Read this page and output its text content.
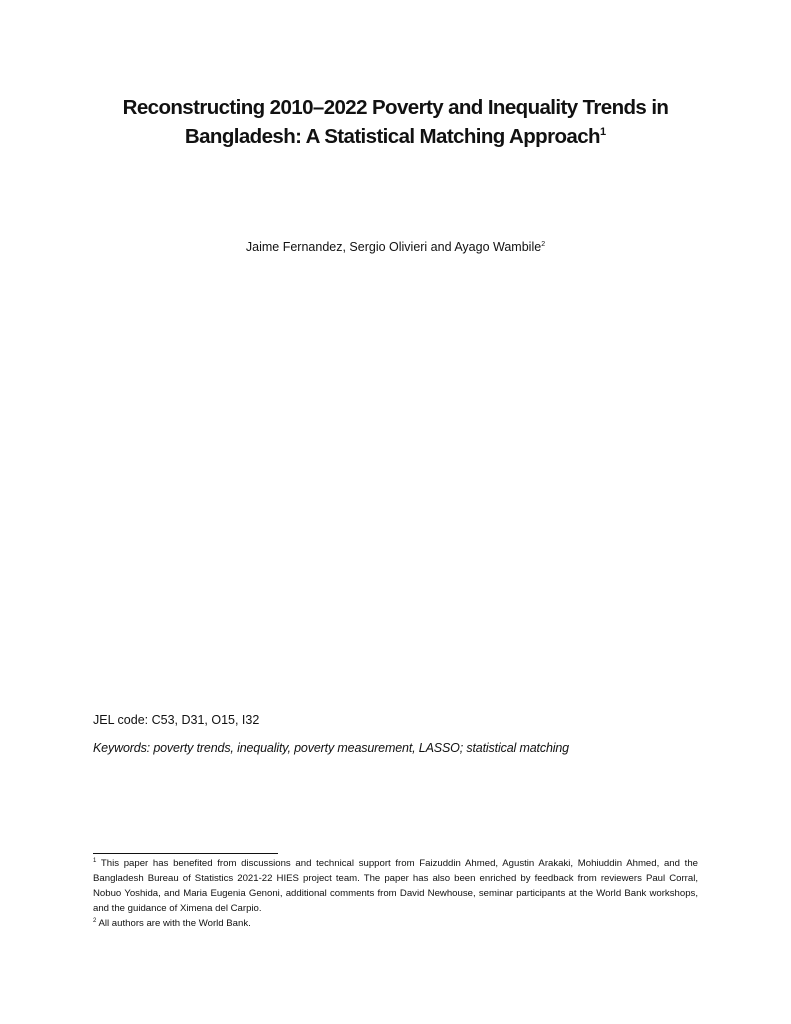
Reconstructing 2010–2022 Poverty and Inequality Trends in Bangladesh: A Statistical Matching Approach$^1$

Jaime Fernandez, Sergio Olivieri and Ayago Wambile$^2$

JEL code: C53, D31, O15, I32

Keywords: poverty trends, inequality, poverty measurement, LASSO; statistical matching

$^1$ This paper has benefited from discussions and technical support from Faizuddin Ahmed, Agustin Arakaki, Mohiuddin Ahmed, and the Bangladesh Bureau of Statistics 2021-22 HIES project team. The paper has also been enriched by feedback from reviewers Paul Corral, Nobuo Yoshida, and Maria Eugenia Genoni, additional comments from David Newhouse, seminar participants at the World Bank workshops, and the guidance of Ximena del Carpio.

$^2$ All authors are with the World Bank.
